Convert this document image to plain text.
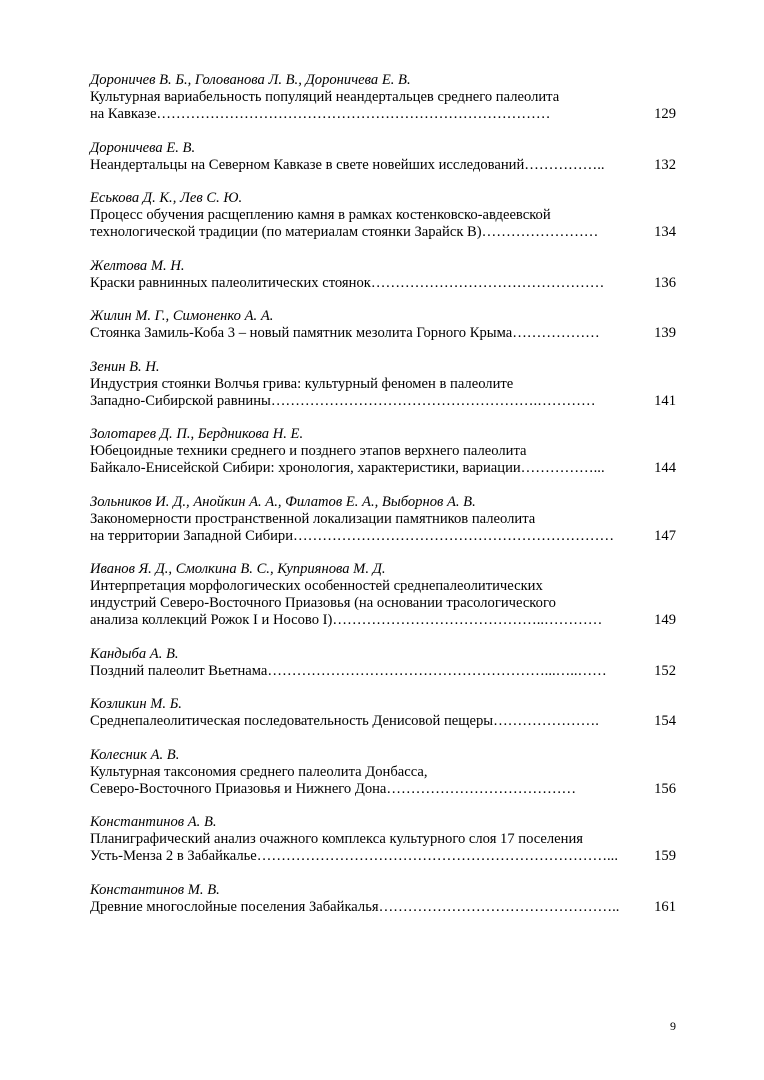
Дороничев В. Б., Голованова Л. В., Дороничева Е. В.
Культурная вариабельность популяций неандертальцев среднего палеолита
на Кавказе………………………………………………………………………	129
Дороничева Е. В.
Неандертальцы на Северном Кавказе в свете новейших исследований……………..	132
Еськова Д. К., Лев С. Ю.
Процесс обучения расщеплению камня в рамках костенковско-авдеевской
технологической традиции (по материалам стоянки Зарайск В)……………………	134
Желтова М. Н.
Краски равнинных палеолитических стоянок…………………………………………	136
Жилин М. Г., Симоненко А. А.
Стоянка Замиль-Коба 3 – новый памятник мезолита Горного Крыма………………	139
Зенин В. Н.
Индустрия стоянки Волчья грива: культурный феномен в палеолите
Западно-Сибирской равнины……………………………………………….…………	141
Золотарев Д. П., Бердникова Н. Е.
Юбецоидные техники среднего и позднего этапов верхнего палеолита
Байкало-Енисейской Сибири: хронология, характеристики, вариации……………...	144
Зольников И. Д., Анойкин А. А., Филатов Е. А., Выборнов А. В.
Закономерности пространственной локализации памятников палеолита
на территории Западной Сибири…………………………………………………………	147
Иванов Я. Д., Смолкина В. С., Куприянова М. Д.
Интерпретация морфологических особенностей среднепалеолитических
индустрий Северо-Восточного Приазовья (на основании трасологического
анализа коллекций Рожок I и Носово I)……………………………………..…………	149
Кандыба А. В.
Поздний палеолит Вьетнама…………………………………………………...…..……	152
Козликин М. Б.
Среднепалеолитическая последовательность Денисовой пещеры………………….	154
Колесник А. В.
Культурная таксономия среднего палеолита Донбасса,
Северо-Восточного Приазовья и Нижнего Дона…………………………………	156
Константинов А. В.
Планиграфический анализ очажного комплекса культурного слоя 17 поселения
Усть-Менза 2 в Забайкалье………………………………………………………………...	159
Константинов М. В.
Древние многослойные поселения Забайкалья…………………………………………..	161
9
